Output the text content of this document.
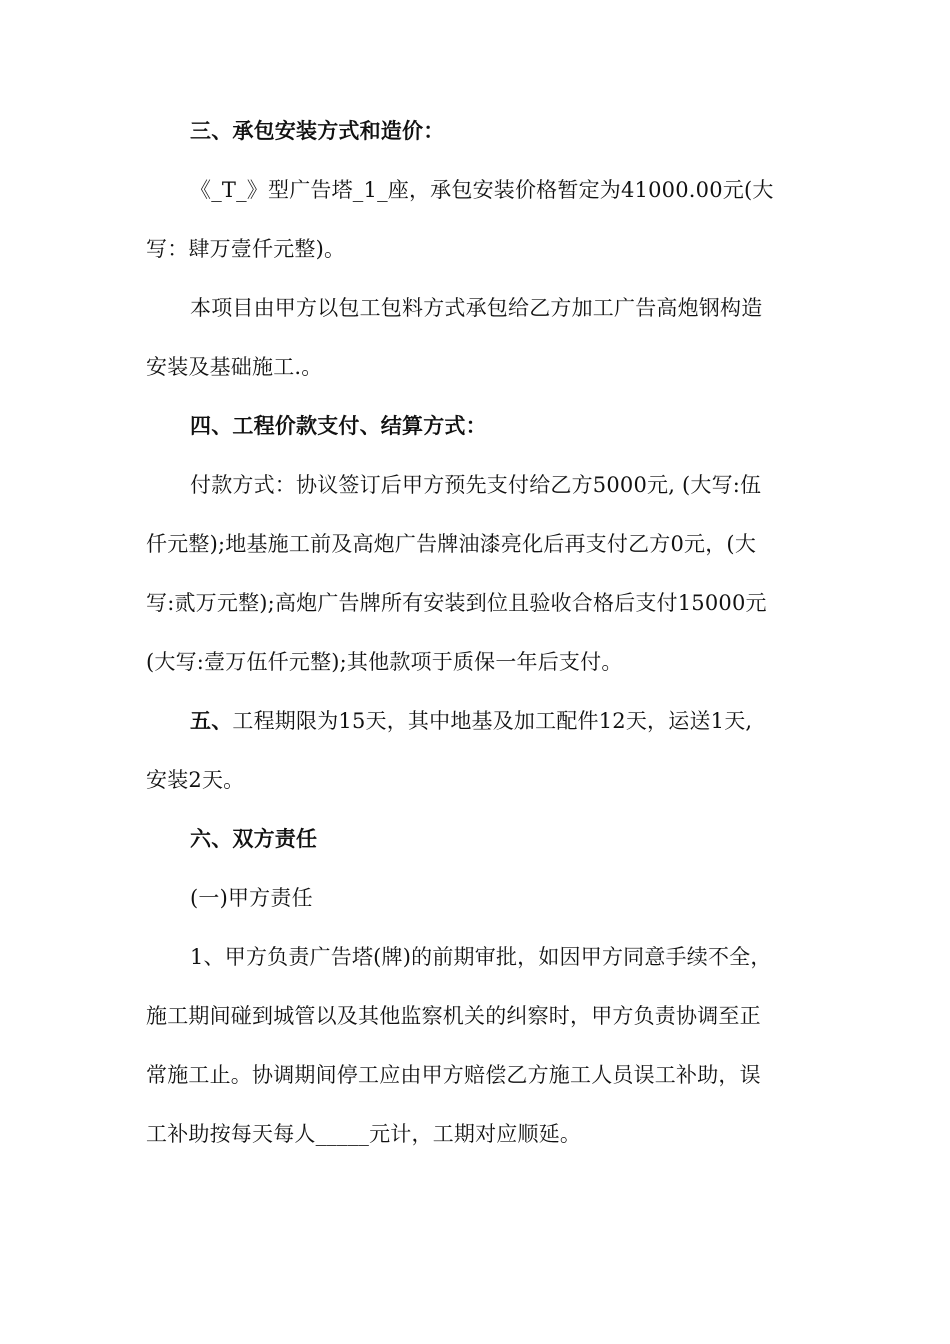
三、承包安装方式和造价：
《_T_》型广告塔_1_座，承包安装价格暂定为41000.00元(大
写：肆万壹仟元整)。
本项目由甲方以包工包料方式承包给乙方加工广告高炮钢构造
安装及基础施工.。
四、工程价款支付、结算方式：
付款方式：协议签订后甲方预先支付给乙方5000元, (大写:伍
仟元整);地基施工前及高炮广告牌油漆亮化后再支付乙方0元，(大
写:贰万元整);高炮广告牌所有安装到位且验收合格后支付15000元
(大写:壹万伍仟元整);其他款项于质保一年后支付。
五、工程期限为15天，其中地基及加工配件12天，运送1天,
安装2天。
六、双方责任
(一)甲方责任
1、甲方负责广告塔(牌)的前期审批，如因甲方同意手续不全，
施工期间碰到城管以及其他监察机关的纠察时，甲方负责协调至正
常施工止。协调期间停工应由甲方赔偿乙方施工人员误工补助，误
工补助按每天每人_____元计，工期对应顺延。
